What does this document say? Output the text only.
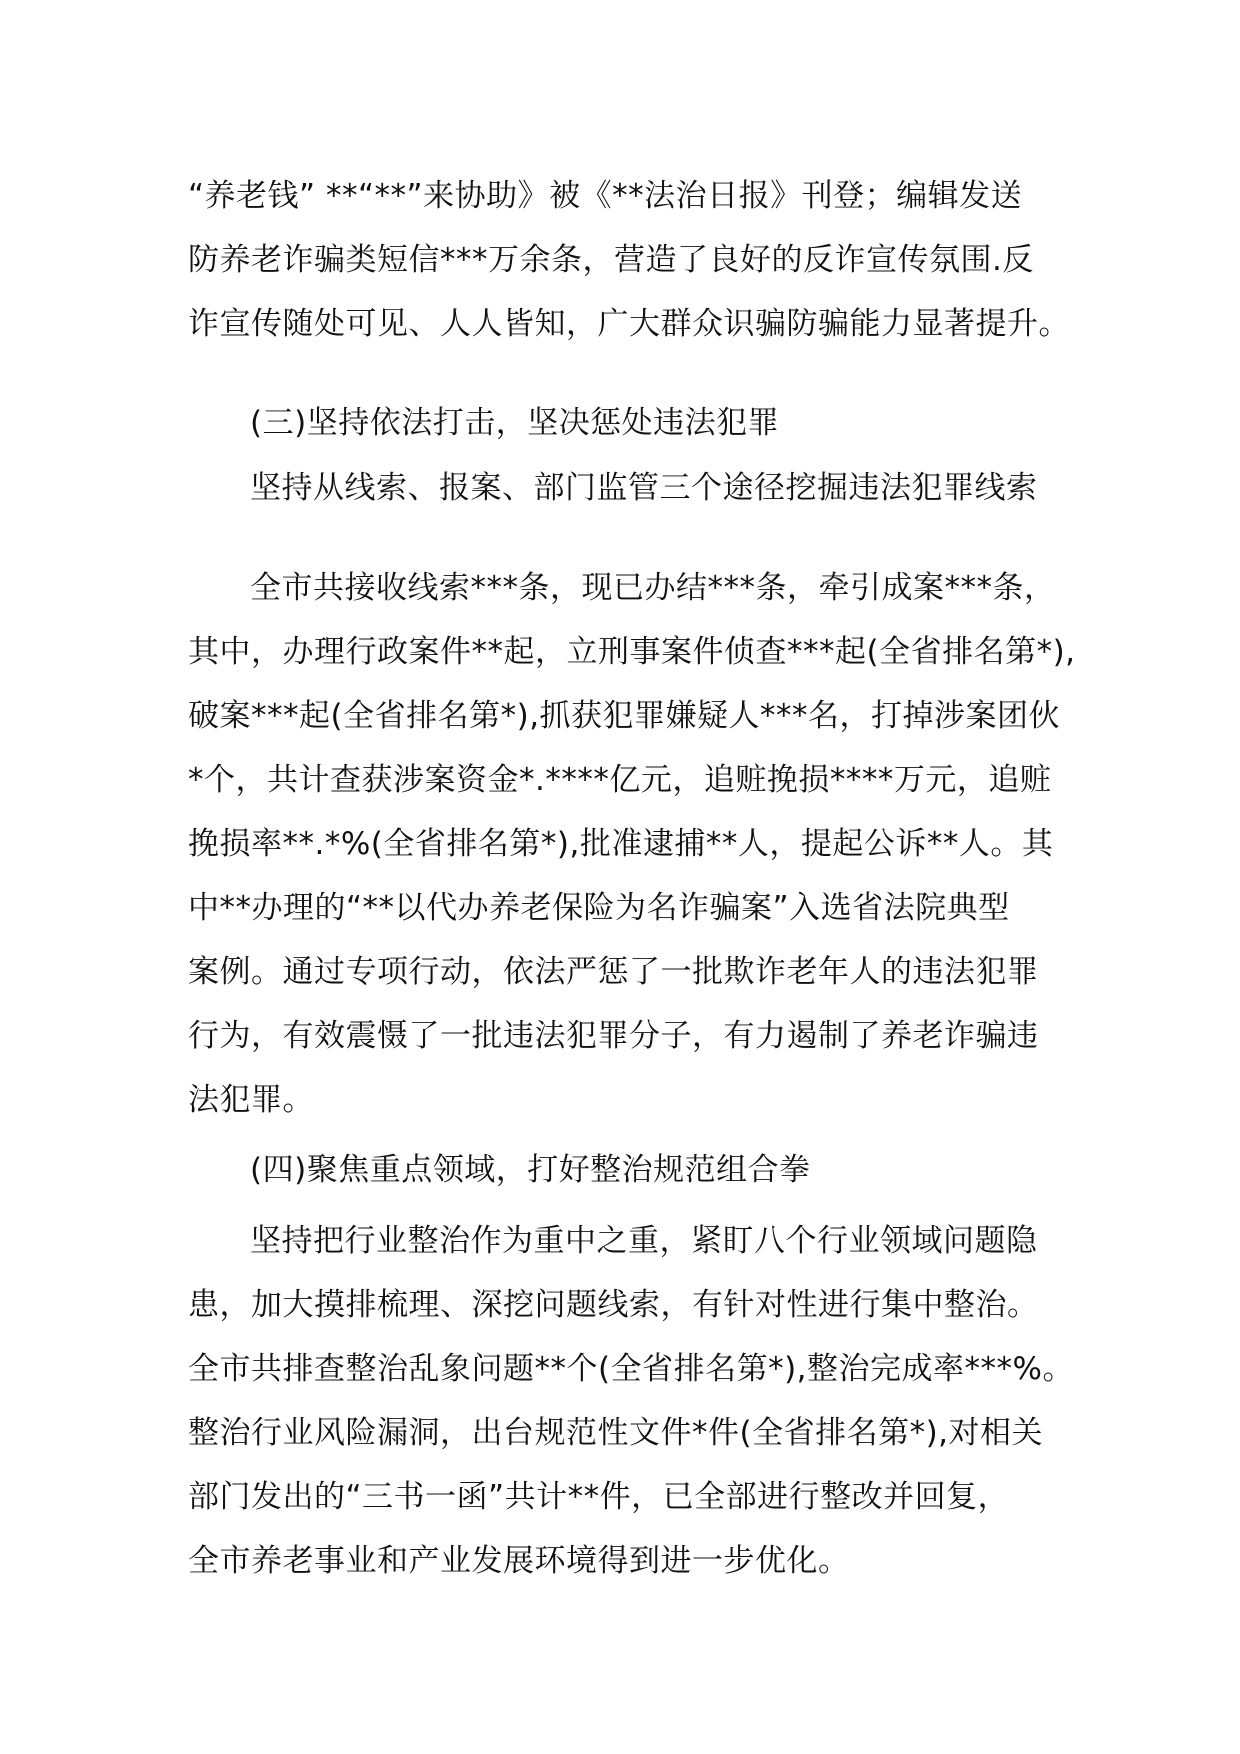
“养老钱” **“**”来协助》被《**法治日报》刊登；编辑发送

防养老诈骗类短信***万余条，营造了良好的反诈宣传氛围.反

诈宣传随处可见、人人皆知，广大群众识骗防骗能力显著提升。

(三)坚持依法打击，坚决惩处违法犯罪

坚持从线索、报案、部门监管三个途径挖掘违法犯罪线索

全市共接收线索***条，现已办结***条，牵引成案***条，

其中，办理行政案件**起，立刑事案件侦查***起(全省排名第*),

破案***起(全省排名第*),抓获犯罪嫌疑人***名，打掉涉案团伙

*个，共计查获涉案资金*.****亿元，追赃挽损****万元，追赃

挽损率**.*%(全省排名第*),批准逮捕**人，提起公诉**人。其

中**办理的“**以代办养老保险为名诈骗案”入选省法院典型

案例。通过专项行动，依法严惩了一批欺诈老年人的违法犯罪

行为，有效震慑了一批违法犯罪分子，有力遏制了养老诈骗违

法犯罪。

(四)聚焦重点领域，打好整治规范组合拳

坚持把行业整治作为重中之重，紧盯八个行业领域问题隐

患，加大摸排梳理、深挖问题线索，有针对性进行集中整治。

全市共排查整治乱象问题**个(全省排名第*),整治完成率***%。

整治行业风险漏洞，出台规范性文件*件(全省排名第*),对相关

部门发出的“三书一函”共计**件，已全部进行整改并回复，

全市养老事业和产业发展环境得到进一步优化。
